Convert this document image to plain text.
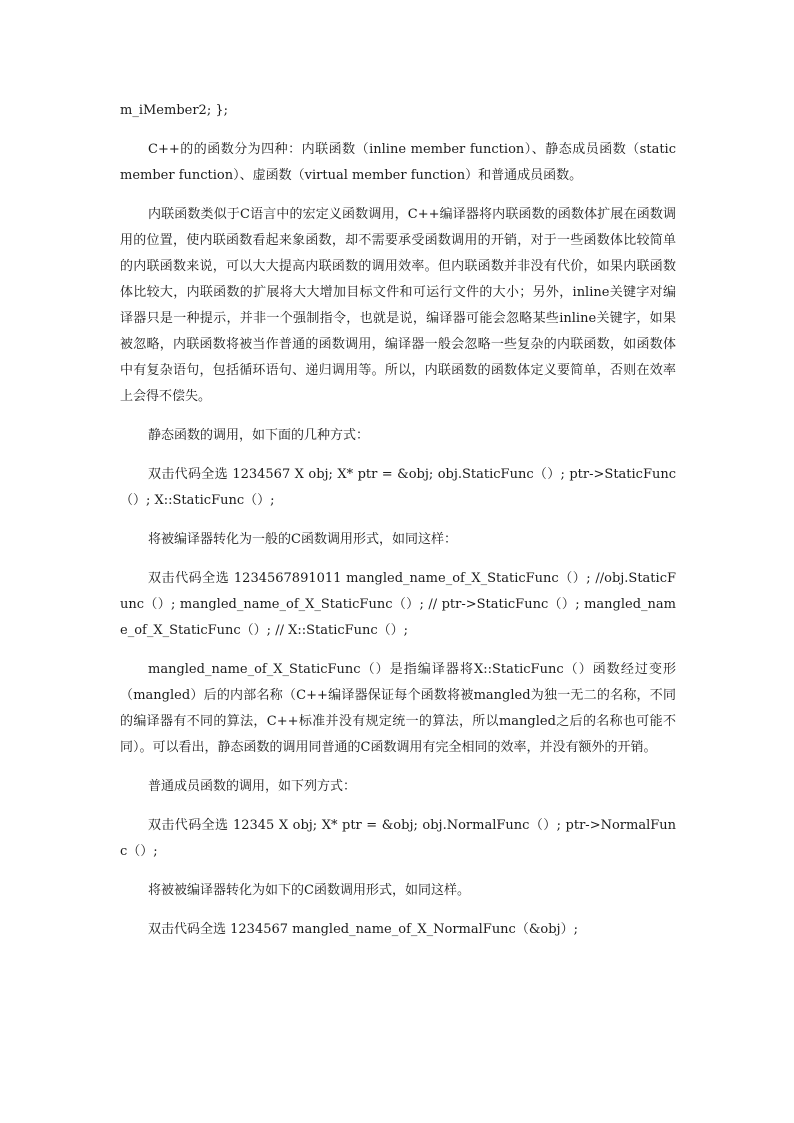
m_iMember2; };

C++的的函数分为四种：内联函数（inline member function）、静态成员函数（static member function）、虚函数（virtual member function）和普通成员函数。

内联函数类似于C语言中的宏定义函数调用，C++编译器将内联函数的函数体扩展在函数调用的位置，使内联函数看起来象函数，却不需要承受函数调用的开销，对于一些函数体比较简单的内联函数来说，可以大大提高内联函数的调用效率。但内联函数并非没有代价，如果内联函数体比较大，内联函数的扩展将大大增加目标文件和可运行文件的大小；另外，inline关键字对编译器只是一种提示，并非一个强制指令，也就是说，编译器可能会忽略某些inline关键字，如果被忽略，内联函数将被当作普通的函数调用，编译器一般会忽略一些复杂的内联函数，如函数体中有复杂语句，包括循环语句、递归调用等。所以，内联函数的函数体定义要简单，否则在效率上会得不偿失。

静态函数的调用，如下面的几种方式：

双击代码全选 1234567 X obj; X* ptr = &obj; obj.StaticFunc（）; ptr->StaticFunc（）; X::StaticFunc（）;

将被编译器转化为一般的C函数调用形式，如同这样：

双击代码全选 1234567891011 mangled_name_of_X_StaticFunc（）; //obj.StaticFunc（）; mangled_name_of_X_StaticFunc（）; // ptr->StaticFunc（）; mangled_name_of_X_StaticFunc（）; // X::StaticFunc（）;

mangled_name_of_X_StaticFunc（）是指编译器将X::StaticFunc（）函数经过变形（mangled）后的内部名称（C++编译器保证每个函数将被mangled为独一无二的名称，不同的编译器有不同的算法，C++标准并没有规定统一的算法，所以mangled之后的名称也可能不同）。可以看出，静态函数的调用同普通的C函数调用有完全相同的效率，并没有额外的开销。

普通成员函数的调用，如下列方式：

双击代码全选 12345 X obj; X* ptr = &obj; obj.NormalFunc（）; ptr->NormalFunc（）;

将被被编译器转化为如下的C函数调用形式，如同这样。

双击代码全选 1234567 mangled_name_of_X_NormalFunc（&obj）;
